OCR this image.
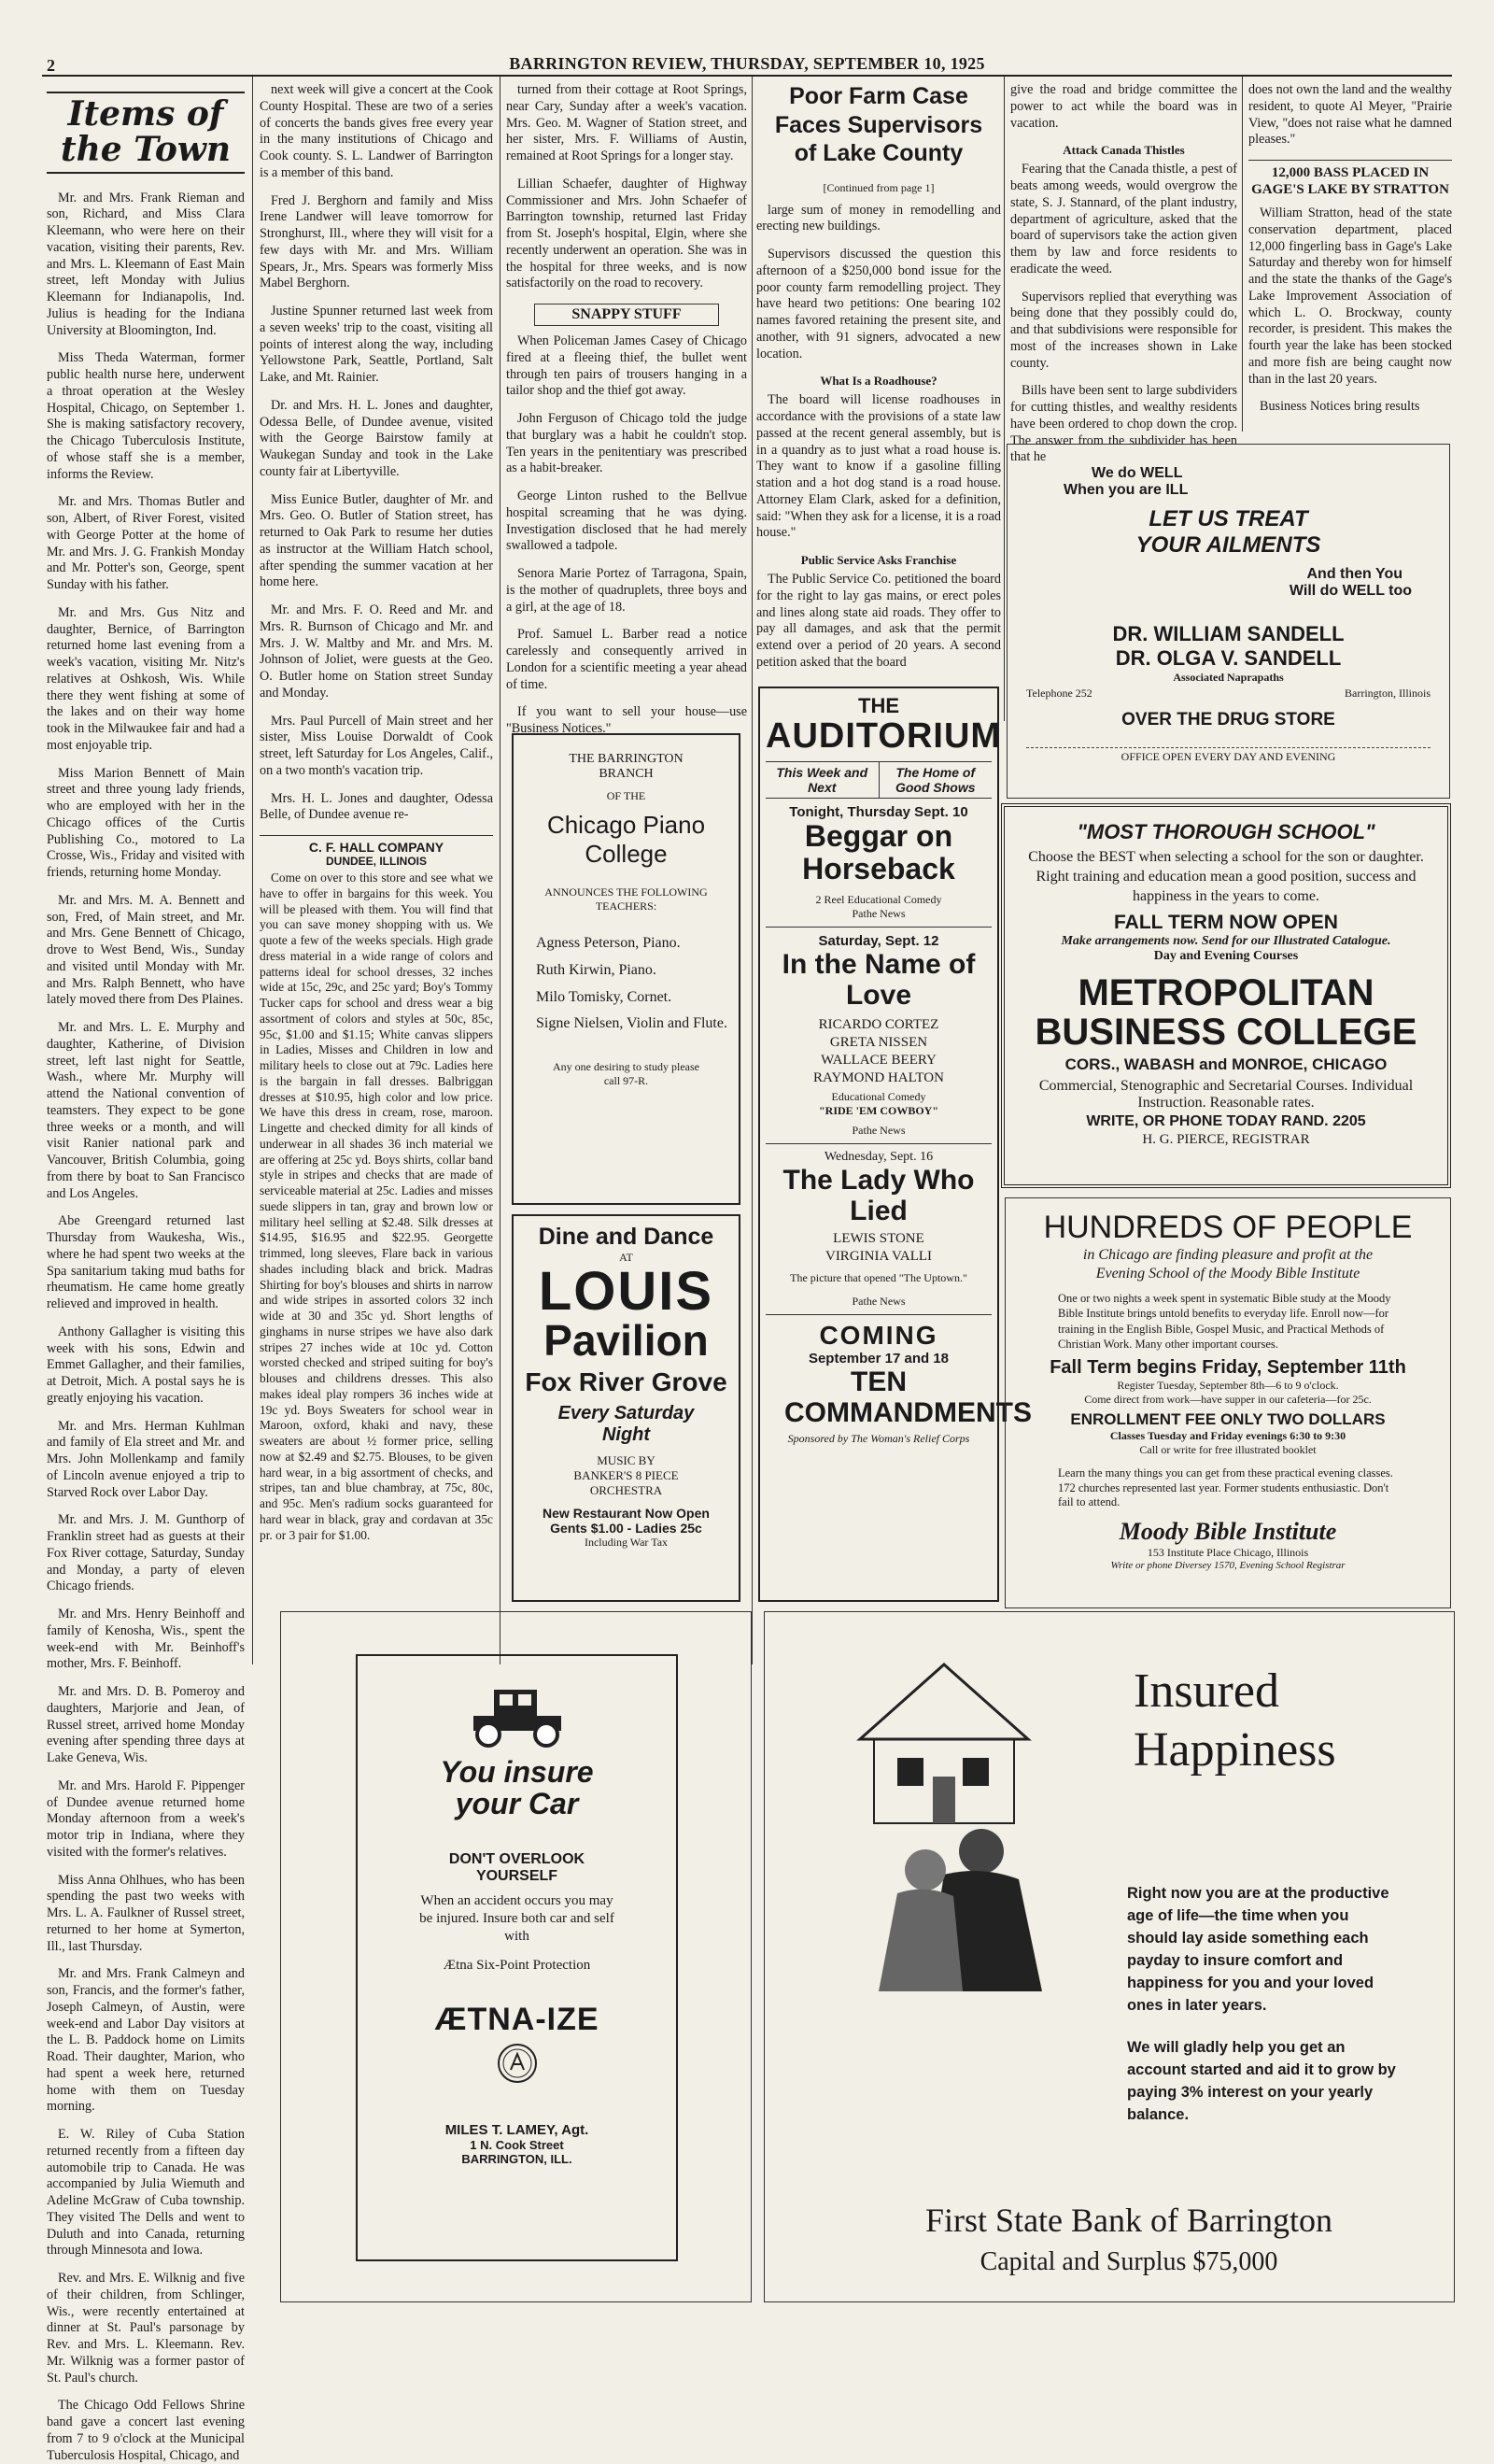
2	BARRINGTON REVIEW, THURSDAY, SEPTEMBER 10, 1925
Items of the Town

Mr. and Mrs. Frank Rieman and son, Richard, and Miss Clara Kleemann, who were here on their vacation, visiting their parents, Rev. and Mrs. L. Kleemann of East Main street, left Monday with Julius Kleemann for Indianapolis, Ind. Julius is heading for the Indiana University at Bloomington, Ind.

Miss Theda Waterman, former public health nurse here, underwent a throat operation at the Wesley Hospital, Chicago, on September 1. She is making satisfactory recovery, the Chicago Tuberculosis Institute, of whose staff she is a member, informs the Review.

Mr. and Mrs. Thomas Butler and son, Albert, of River Forest, visited with George Potter at the home of Mr. and Mrs. J. G. Frankish Monday and Mr. Potter's son, George, spent Sunday with his father.

Mr. and Mrs. Gus Nitz and daughter, Bernice, of Barrington returned home last evening from a week's vacation, visiting Mr. Nitz's relatives at Oshkosh, Wis. While there they went fishing at some of the lakes and on their way home took in the Milwaukee fair and had a most enjoyable trip.

Miss Marion Bennett of Main street and three young lady friends, who are employed with her in the Chicago offices of the Curtis Publishing Co., motored to La Crosse, Wis., Friday and visited with friends, returning home Monday.

Mr. and Mrs. M. A. Bennett and son, Fred, of Main street, and Mr. and Mrs. Gene Bennett of Chicago, drove to West Bend, Wis., Sunday and visited until Monday with Mr. and Mrs. Ralph Bennett, who have lately moved there from Des Plaines.

Mr. and Mrs. L. E. Murphy and daughter, Katherine, of Division street, left last night for Seattle, Wash., where Mr. Murphy will attend the National convention of teamsters. They expect to be gone three weeks or a month, and will visit Ranier national park and Vancouver, British Columbia, going from there by boat to San Francisco and Los Angeles.

Abe Greengard returned last Thursday from Waukesha, Wis., where he had spent two weeks at the Spa sanitarium taking mud baths for rheumatism. He came home greatly relieved and improved in health.

Anthony Gallagher is visiting this week with his sons, Edwin and Emmet Gallagher, and their families, at Detroit, Mich. A postal says he is greatly enjoying his vacation.

Mr. and Mrs. Herman Kuhlman and family of Ela street and Mr. and Mrs. John Mollenkamp and family of Lincoln avenue enjoyed a trip to Starved Rock over Labor Day.

Mr. and Mrs. J. M. Gunthorp of Franklin street had as guests at their Fox River cottage, Saturday, Sunday and Monday, a party of eleven Chicago friends.

Mr. and Mrs. Henry Beinhoff and family of Kenosha, Wis., spent the week-end with Mr. Beinhoff's mother, Mrs. F. Beinhoff.

Mr. and Mrs. D. B. Pomeroy and daughters, Marjorie and Jean, of Russel street, arrived home Monday evening after spending three days at Lake Geneva, Wis.

Mr. and Mrs. Harold F. Pippenger of Dundee avenue returned home Monday afternoon from a week's motor trip in Indiana, where they visited with the former's relatives.

Miss Anna Ohlhues, who has been spending the past two weeks with Mrs. L. A. Faulkner of Russel street, returned to her home at Symerton, Ill., last Thursday.

Mr. and Mrs. Frank Calmeyn and son, Francis, and the former's father, Joseph Calmeyn, of Austin, were week-end and Labor Day visitors at the L. B. Paddock home on Limits Road. Their daughter, Marion, who had spent a week here, returned home with them on Tuesday morning.

E. W. Riley of Cuba Station returned recently from a fifteen day automobile trip to Canada. He was accompanied by Julia Wiemuth and Adeline McGraw of Cuba township. They visited The Dells and went to Duluth and into Canada, returning through Minnesota and Iowa.

Rev. and Mrs. E. Wilknig and five of their children, from Schlinger, Wis., were recently entertained at dinner at St. Paul's parsonage by Rev. and Mrs. L. Kleemann. Rev. Mr. Wilknig was a former pastor of St. Paul's church.

The Chicago Odd Fellows Shrine band gave a concert last evening from 7 to 9 o'clock at the Municipal Tuberculosis Hospital, Chicago, and

next week will give a concert at the Cook County Hospital. These are two of a series of concerts the bands gives free every year in the many institutions of Chicago and Cook county. S. L. Landwer of Barrington is a member of this band.

Fred J. Berghorn and family and Miss Irene Landwer will leave tomorrow for Stronghurst, Ill., where they will visit for a few days with Mr. and Mrs. William Spears, Jr., Mrs. Spears was formerly Miss Mabel Berghorn.

Justine Spunner returned last week from a seven weeks' trip to the coast, visiting all points of interest along the way, including Yellowstone Park, Seattle, Portland, Salt Lake, and Mt. Rainier.

Dr. and Mrs. H. L. Jones and daughter, Odessa Belle, of Dundee avenue, visited with the George Bairstow family at Waukegan Sunday and took in the Lake county fair at Libertyville.

Miss Eunice Butler, daughter of Mr. and Mrs. Geo. O. Butler of Station street, has returned to Oak Park to resume her duties as instructor at the William Hatch school, after spending the summer vacation at her home here.

Mr. and Mrs. F. O. Reed and Mr. and Mrs. R. Burnson of Chicago and Mr. and Mrs. J. W. Maltby and Mr. and Mrs. M. Johnson of Joliet, were guests at the Geo. O. Butler home on Station street Sunday and Monday.

Mrs. Paul Purcell of Main street and her sister, Miss Louise Dorwaldt of Cook street, left Saturday for Los Angeles, Calif., on a two month's vacation trip.

Mrs. H. L. Jones and daughter, Odessa Belle, of Dundee avenue re-

C. F. HALL COMPANY
DUNDEE, ILLINOIS

Come on over to this store and see what we have to offer in bargains for this week. You will be pleased with them. You will find that you can save money shopping with us. We quote a few of the weeks specials. High grade dress material in a wide range of colors and patterns ideal for school dresses, 32 inches wide at 15c, 29c, and 25c yard; Boy's Tommy Tucker caps for school and dress wear a big assortment of colors and styles at 50c, 85c, 95c, $1.00 and $1.15; White canvas slippers in Ladies, Misses and Children in low and military heels to close out at 79c. Ladies here is the bargain in fall dresses. Balbriggan dresses at $10.95, high color and low price. We have this dress in cream, rose, maroon. Lingette and checked dimity for all kinds of underwear in all shades 36 inch material we are offering at 25c yd. Boys shirts, collar band style in stripes and checks that are made of serviceable material at 25c. Ladies and misses suede slippers in tan, gray and brown low or military heel selling at $2.48. Silk dresses at $14.95, $16.95 and $22.95. Georgette trimmed, long sleeves, Flare back in various shades including black and brick. Madras Shirting for boy's blouses and shirts in narrow and wide stripes in assorted colors 32 inch wide at 30 and 35c yd. Short lengths of ginghams in nurse stripes we have also dark stripes 27 inches wide at 10c yd. Cotton worsted checked and striped suiting for boy's blouses and childrens dresses. This also makes ideal play rompers 36 inches wide at 19c yd. Boys Sweaters for school wear in Maroon, oxford, khaki and navy, these sweaters are about ½ former price, selling now at $2.49 and $2.75. Blouses, to be given hard wear, in a big assortment of checks, and stripes, tan and blue chambray, at 75c, 80c, and 95c. Men's radium socks guaranteed for hard wear in black, gray and cordavan at 35c pr. or 3 pair for $1.00.

turned from their cottage at Root Springs, near Cary, Sunday after a week's vacation. Mrs. Geo. M. Wagner of Station street, and her sister, Mrs. F. Williams of Austin, remained at Root Springs for a longer stay.

Lillian Schaefer, daughter of Highway Commissioner and Mrs. John Schaefer of Barrington township, returned last Friday from St. Joseph's hospital, Elgin, where she recently underwent an operation. She was in the hospital for three weeks, and is now satisfactorily on the road to recovery.

SNAPPY STUFF

When Policeman James Casey of Chicago fired at a fleeing thief, the bullet went through ten pairs of trousers hanging in a tailor shop and the thief got away.

John Ferguson of Chicago told the judge that burglary was a habit he couldn't stop. Ten years in the penitentiary was prescribed as a habit-breaker.

George Linton rushed to the Bellvue hospital screaming that he was dying. Investigation disclosed that he had merely swallowed a tadpole.

Senora Marie Portez of Tarragona, Spain, is the mother of quadruplets, three boys and a girl, at the age of 18.

Prof. Samuel L. Barber read a notice carelessly and consequently arrived in London for a scientific meeting a year ahead of time.

If you want to sell your house—use "Business Notices."

THE BARRINGTON
BRANCH
OF THE
Chicago Piano
College
ANNOUNCES THE FOLLOWING TEACHERS:
Agness Peterson, Piano.
Ruth Kirwin, Piano.
Milo Tomisky, Cornet.
Signe Nielsen, Violin and Flute.
Any one desiring to study please call 97-R.
Dine and Dance
AT
LOUIS
Pavilion
Fox River Grove
Every Saturday
Night
MUSIC BY
BANKER'S 8 PIECE
ORCHESTRA
New Restaurant Now Open
Gents $1.00 - Ladies 25c
Including War Tax
Poor Farm Case
Faces Supervisors
of Lake County
[Continued from page 1]

large sum of money in remodelling and erecting new buildings.

Supervisors discussed the question this afternoon of a $250,000 bond issue for the poor county farm remodelling project. They have heard two petitions: One bearing 102 names favored retaining the present site, and another, with 91 signers, advocated a new location.

What Is a Roadhouse?

The board will license roadhouses in accordance with the provisions of a state law passed at the recent general assembly, but is in a quandry as to just what a road house is. They want to know if a gasoline filling station and a hot dog stand is a road house. Attorney Elam Clark, asked for a definition, said: "When they ask for a license, it is a road house."

Public Service Asks Franchise

The Public Service Co. petitioned the board for the right to lay gas mains, or erect poles and lines along state aid roads. They offer to pay all damages, and ask that the permit extend over a period of 20 years. A second petition asked that the board

THE
AUDITORIUM
This Week and Next
The Home of Good Shows
Tonight, Thursday Sept. 10
Beggar on Horseback
2 Reel Educational Comedy
Pathe News
Saturday, Sept. 12
In the Name of Love
RICARDO CORTEZ
GRETA NISSEN
WALLACE BEERY
RAYMOND HALTON
Educational Comedy
"RIDE 'EM COWBOY"
Pathe News
Wednesday, Sept. 16
The Lady Who Lied
LEWIS STONE
VIRGINIA VALLI
The picture that opened "The Uptown."
Pathe News
COMING
September 17 and 18
TEN COMMANDMENTS
Sponsored by The Woman's Relief Corps

give the road and bridge committee the power to act while the board was in vacation.

Attack Canada Thistles

Fearing that the Canada thistle, a pest of beats among weeds, would overgrow the state, S. J. Stannard, of the plant industry, department of agriculture, asked that the board of supervisors take the action given them by law and force residents to eradicate the weed.

Supervisors replied that everything was being done that they possibly could do, and that subdivisions were responsible for most of the increases shown in Lake county.

Bills have been sent to large subdividers for cutting thistles, and wealthy residents have been ordered to chop down the crop. The answer from the subdivider has been that he

does not own the land and the wealthy resident, to quote Al Meyer, "Prairie View, "does not raise what he damned pleases."

12,000 BASS PLACED IN GAGE'S LAKE BY STRATTON

William Stratton, head of the state conservation department, placed 12,000 fingerling bass in Gage's Lake Saturday and thereby won for himself and the state the thanks of the Gage's Lake Improvement Association of which L. O. Brockway, county recorder, is president. This makes the fourth year the lake has been stocked and more fish are being caught now than in the last 20 years.

Business Notices bring results

We do WELL
When you are ILL
LET US TREAT
YOUR AILMENTS
And then You
Will do WELL too
DR. WILLIAM SANDELL
DR. OLGA V. SANDELL
Associated Naprapaths
Telephone 252	Barrington, Illinois
OVER THE DRUG STORE
OFFICE OPEN EVERY DAY AND EVENING
"MOST THOROUGH SCHOOL"
Choose the BEST when selecting a school for the son or daughter. Right training and education mean a good position, success and happiness in the years to come.
FALL TERM NOW OPEN
Make arrangements now. Send for our Illustrated Catalogue.
Day and Evening Courses
METROPOLITAN
BUSINESS COLLEGE
CORS., WABASH and MONROE, CHICAGO
Commercial, Stenographic and Secretarial Courses. Individual Instruction. Reasonable rates.
WRITE, OR PHONE TODAY RAND. 2205
H. G. PIERCE, REGISTRAR
HUNDREDS OF PEOPLE
in Chicago are finding pleasure and profit at the Evening School of the Moody Bible Institute
One or two nights a week spent in systematic Bible study at the Moody Bible Institute brings untold benefits to everyday life. Enroll now—for training in the English Bible, Gospel Music, and Practical Methods of Christian Work. Many other important courses.
Fall Term begins Friday, September 11th
Register Tuesday, September 8th—6 to 9 o'clock.
Come direct from work—have supper in our cafeteria—for 25c.
ENROLLMENT FEE ONLY TWO DOLLARS
Classes Tuesday and Friday evenings 6:30 to 9:30
Call or write for free illustrated booklet
Learn the many things you can get from these practical evening classes. 172 churches represented last year. Former students enthusiastic. Don't fail to attend.
Moody Bible Institute
153 Institute Place Chicago, Illinois
Write or phone Diversey 1570, Evening School Registrar
You insure
your Car
DON'T OVERLOOK
YOURSELF
When an accident occurs you may be injured. Insure both car and self with
Ætna Six-Point Protection
ÆTNA-IZE
MILES T. LAMEY, Agt.
1 N. Cook Street
BARRINGTON, ILL.
Insured
Happiness
Right now you are at the productive age of life—the time when you should lay aside something each payday to insure comfort and happiness for you and your loved ones in later years.
We will gladly help you get an account started and aid it to grow by paying 3% interest on your yearly balance.
First State Bank of Barrington
Capital and Surplus $75,000
